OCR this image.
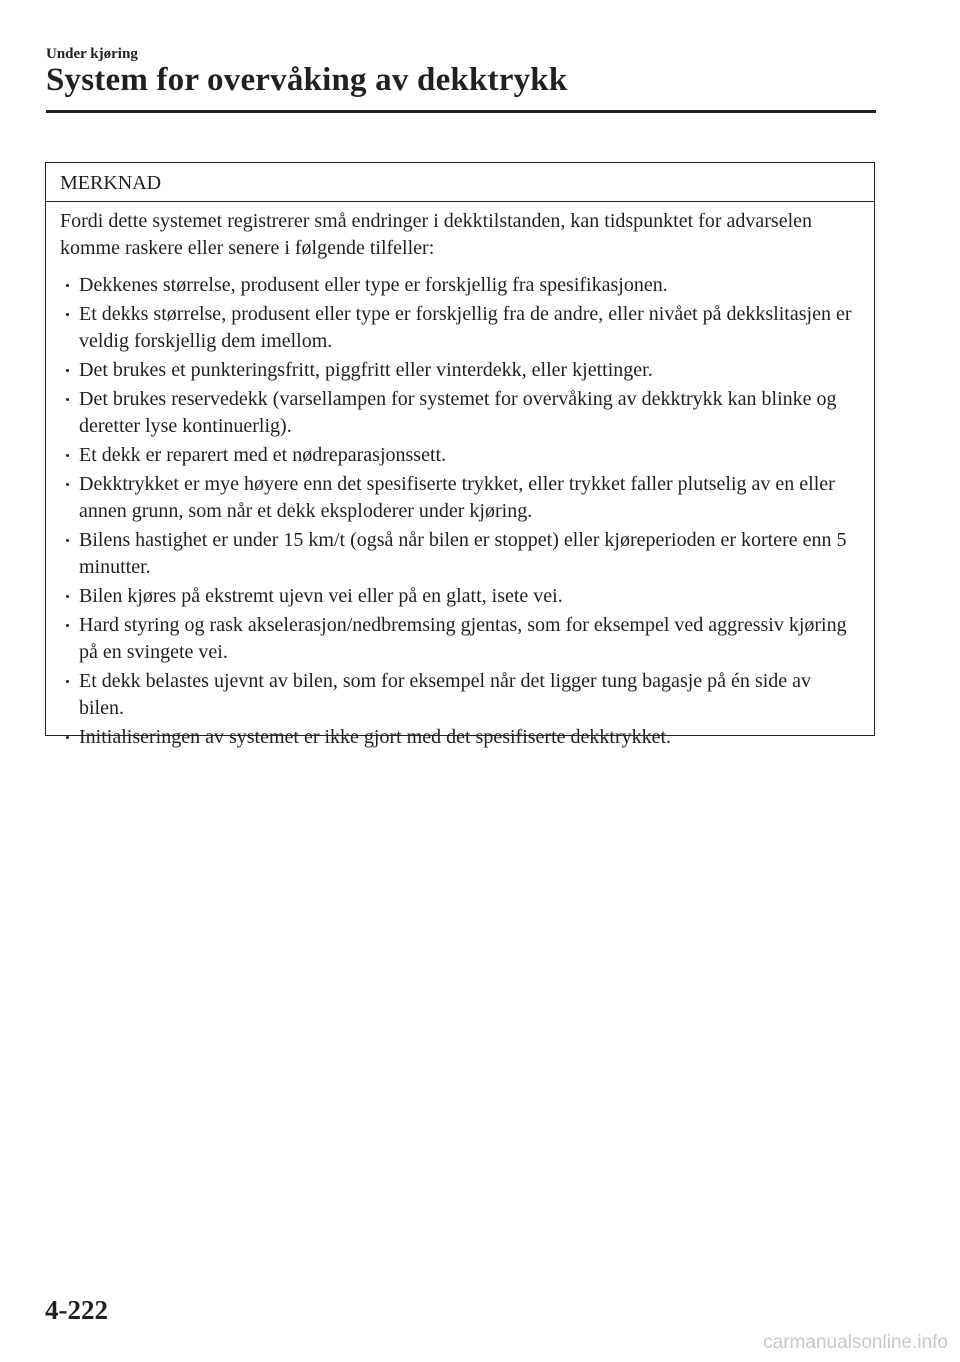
Under kjøring
System for overvåking av dekktrykk
MERKNAD

Fordi dette systemet registrerer små endringer i dekktilstanden, kan tidspunktet for advarselen komme raskere eller senere i følgende tilfeller:

Dekkenes størrelse, produsent eller type er forskjellig fra spesifikasjonen.
Et dekks størrelse, produsent eller type er forskjellig fra de andre, eller nivået på dekkslitasjen er veldig forskjellig dem imellom.
Det brukes et punkteringsfritt, piggfritt eller vinterdekk, eller kjettinger.
Det brukes reservedekk (varsellampen for systemet for overvåking av dekktrykk kan blinke og deretter lyse kontinuerlig).
Et dekk er reparert med et nødreparasjonssett.
Dekktrykket er mye høyere enn det spesifiserte trykket, eller trykket faller plutselig av en eller annen grunn, som når et dekk eksploderer under kjøring.
Bilens hastighet er under 15 km/t (også når bilen er stoppet) eller kjøreperioden er kortere enn 5 minutter.
Bilen kjøres på ekstremt ujevn vei eller på en glatt, isete vei.
Hard styring og rask akselerasjon/nedbremsing gjentas, som for eksempel ved aggressiv kjøring på en svingete vei.
Et dekk belastes ujevnt av bilen, som for eksempel når det ligger tung bagasje på én side av bilen.
Initialiseringen av systemet er ikke gjort med det spesifiserte dekktrykket.
4-222
carmanualsonline.info
